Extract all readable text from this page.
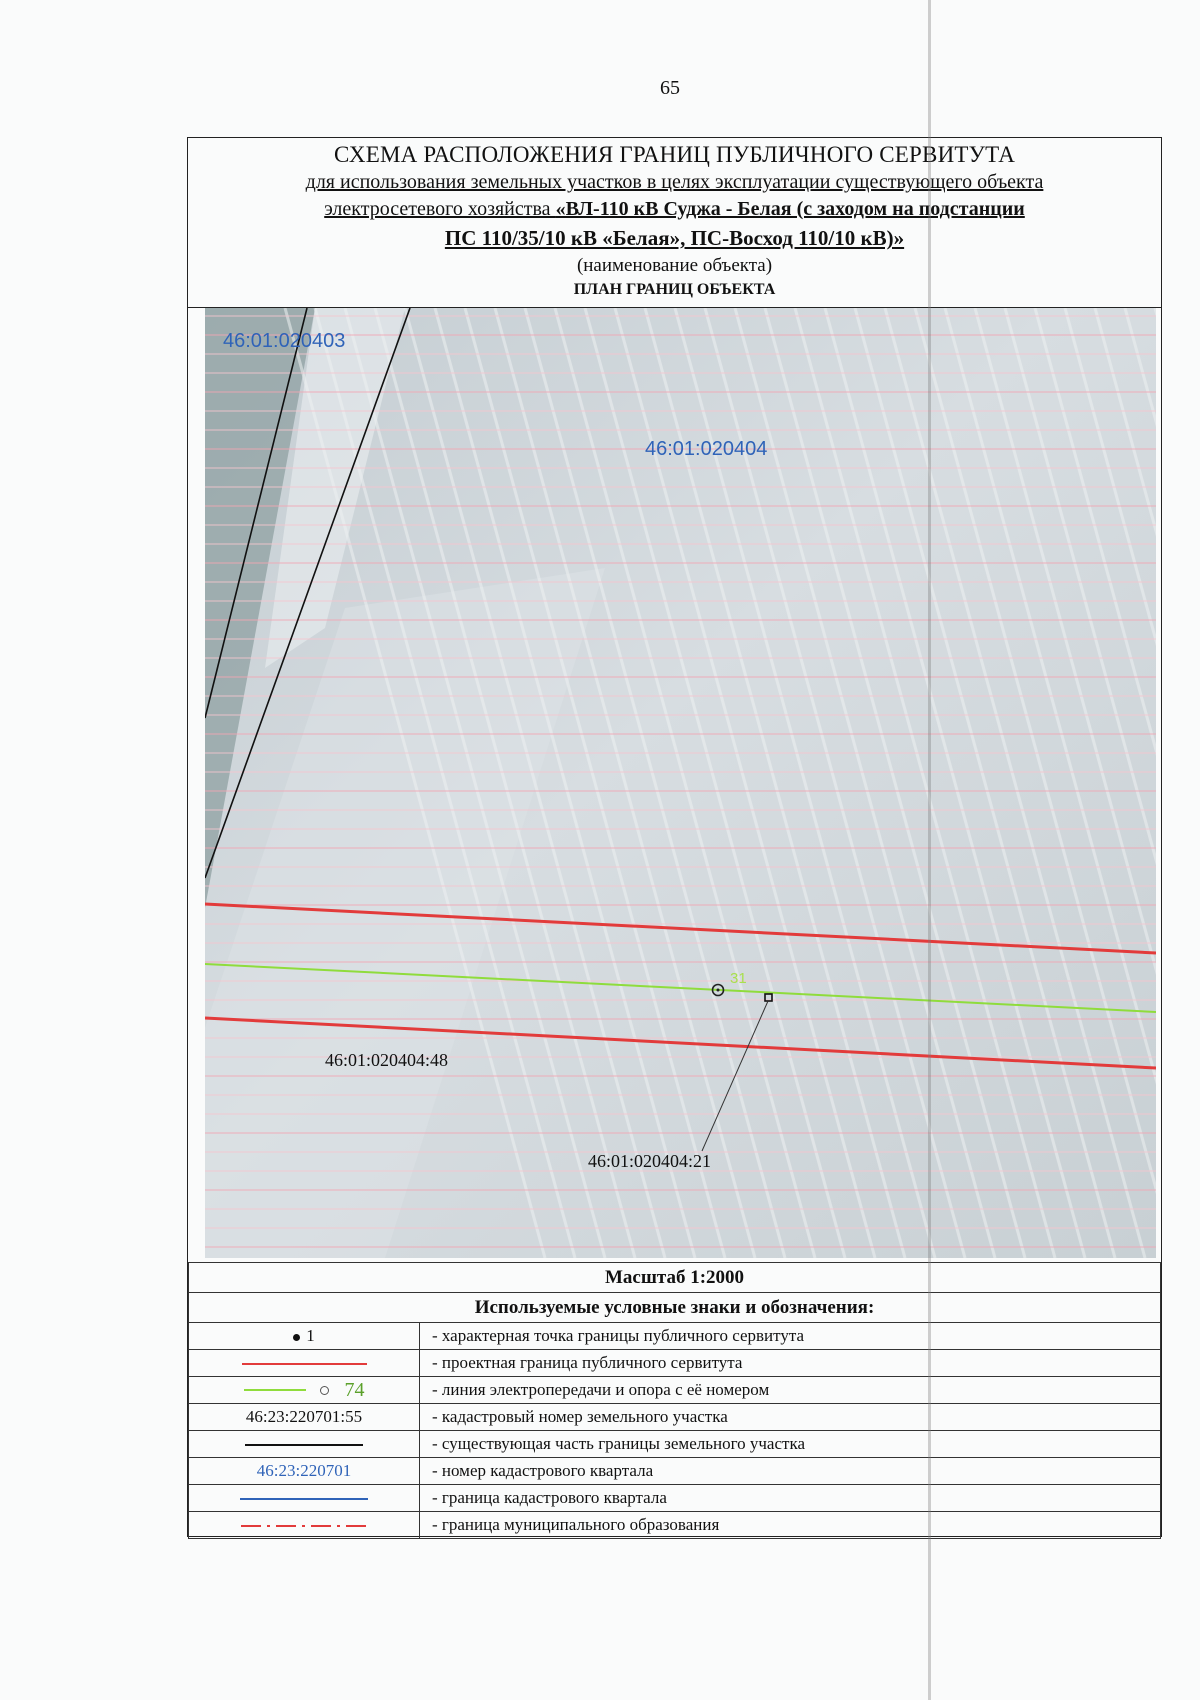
65
СХЕМА РАСПОЛОЖЕНИЯ ГРАНИЦ ПУБЛИЧНОГО СЕРВИТУТА
для использования земельных участков в целях эксплуатации существующего объекта
электросетевого хозяйства «ВЛ-110 кВ Суджа - Белая (с заходом на подстанции
ПС 110/35/10 кВ «Белая», ПС-Восход 110/10 кВ)»
(наименование объекта)
ПЛАН ГРАНИЦ ОБЪЕКТА
46:01:020403
46:01:020404
46:01:020404:48
46:01:020404:21
31
Масштаб 1:2000	
Используемые условные знаки и обозначения:	
1	- характерная точка границы публичного сервитута
	- проектная граница публичного сервитута
74	- линия электропередачи и опора с её номером
46:23:220701:55	- кадастровый номер земельного участка
	- существующая часть границы земельного участка
46:23:220701	- номер кадастрового квартала
	- граница кадастрового квартала
	- граница муниципального образования
